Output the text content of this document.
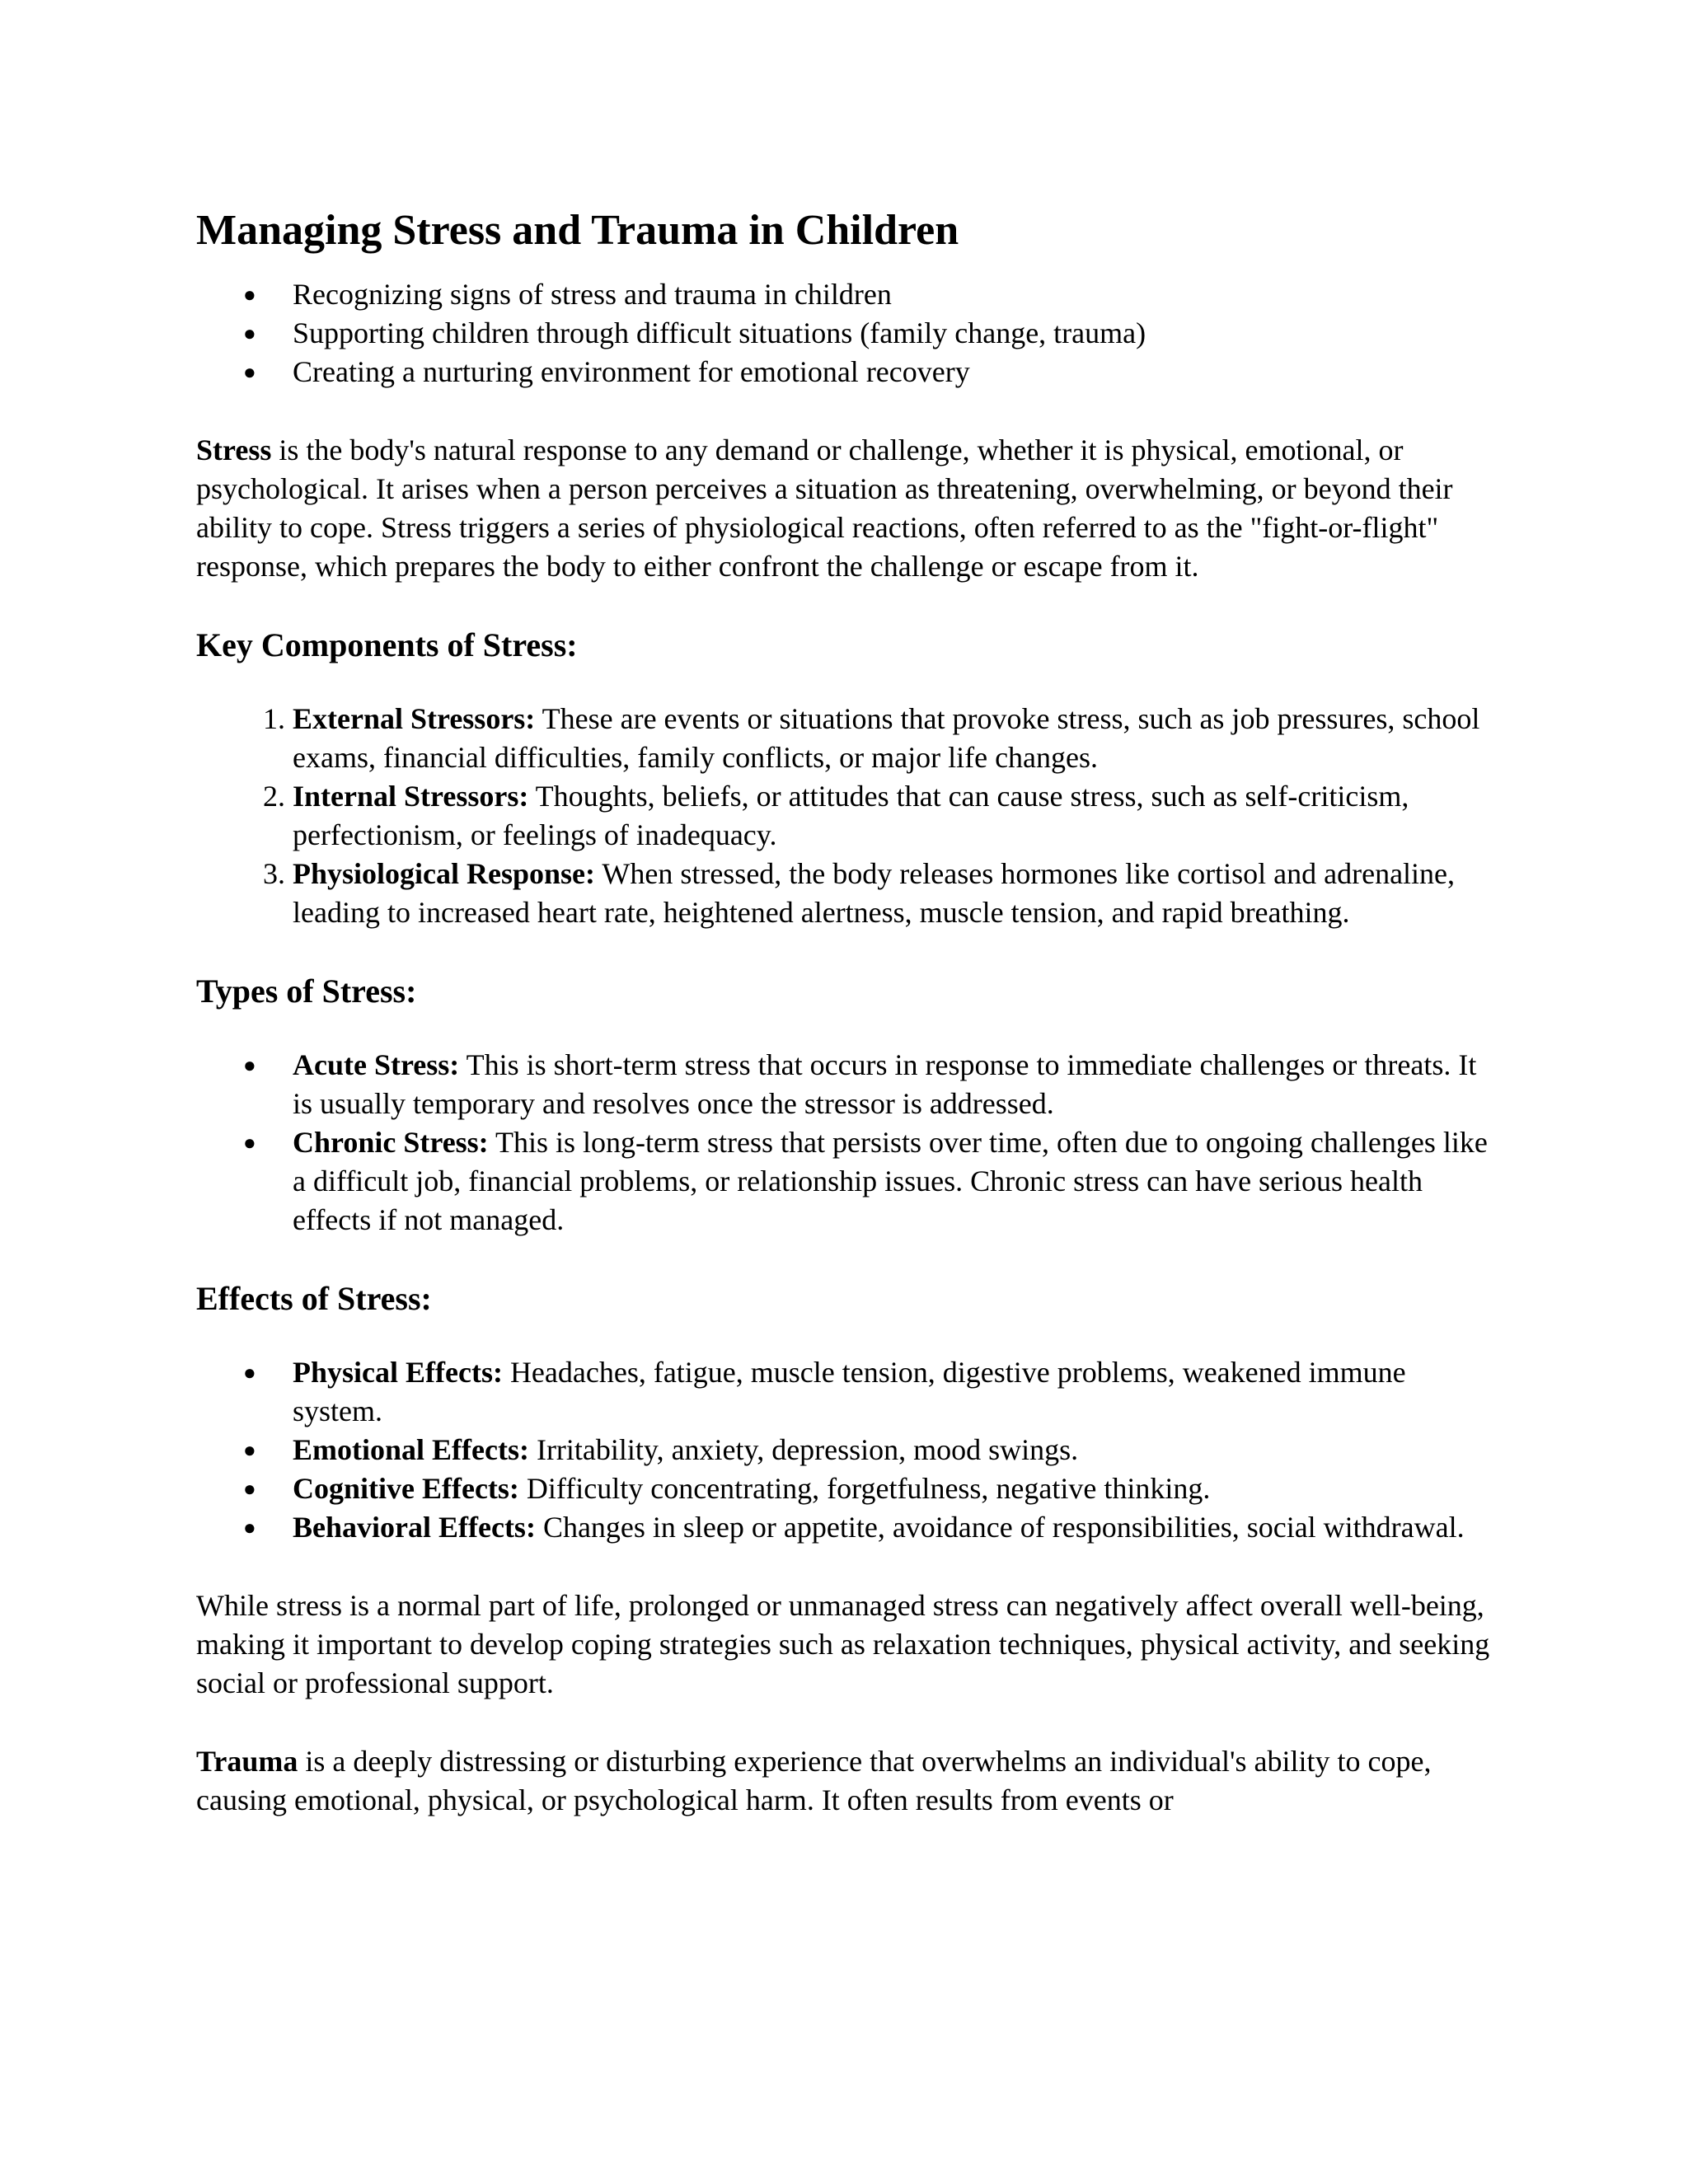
Managing Stress and Trauma in Children
● Recognizing signs of stress and trauma in children
● Supporting children through difficult situations (family change, trauma)
● Creating a nurturing environment for emotional recovery

Stress is the body's natural response to any demand or challenge, whether it is physical, emotional, or psychological. It arises when a person perceives a situation as threatening, overwhelming, or beyond their ability to cope. Stress triggers a series of physiological reactions, often referred to as the "fight-or-flight" response, which prepares the body to either confront the challenge or escape from it.

Key Components of Stress:
1. External Stressors: These are events or situations that provoke stress, such as job pressures, school exams, financial difficulties, family conflicts, or major life changes.
2. Internal Stressors: Thoughts, beliefs, or attitudes that can cause stress, such as self-criticism, perfectionism, or feelings of inadequacy.
3. Physiological Response: When stressed, the body releases hormones like cortisol and adrenaline, leading to increased heart rate, heightened alertness, muscle tension, and rapid breathing.
Types of Stress:
● Acute Stress: This is short-term stress that occurs in response to immediate challenges or threats. It is usually temporary and resolves once the stressor is addressed.
● Chronic Stress: This is long-term stress that persists over time, often due to ongoing challenges like a difficult job, financial problems, or relationship issues. Chronic stress can have serious health effects if not managed.
Effects of Stress:
● Physical Effects: Headaches, fatigue, muscle tension, digestive problems, weakened immune system.
● Emotional Effects: Irritability, anxiety, depression, mood swings.
● Cognitive Effects: Difficulty concentrating, forgetfulness, negative thinking.
● Behavioral Effects: Changes in sleep or appetite, avoidance of responsibilities, social withdrawal.

While stress is a normal part of life, prolonged or unmanaged stress can negatively affect overall well-being, making it important to develop coping strategies such as relaxation techniques, physical activity, and seeking social or professional support.

Trauma is a deeply distressing or disturbing experience that overwhelms an individual's ability to cope, causing emotional, physical, or psychological harm. It often results from events or
